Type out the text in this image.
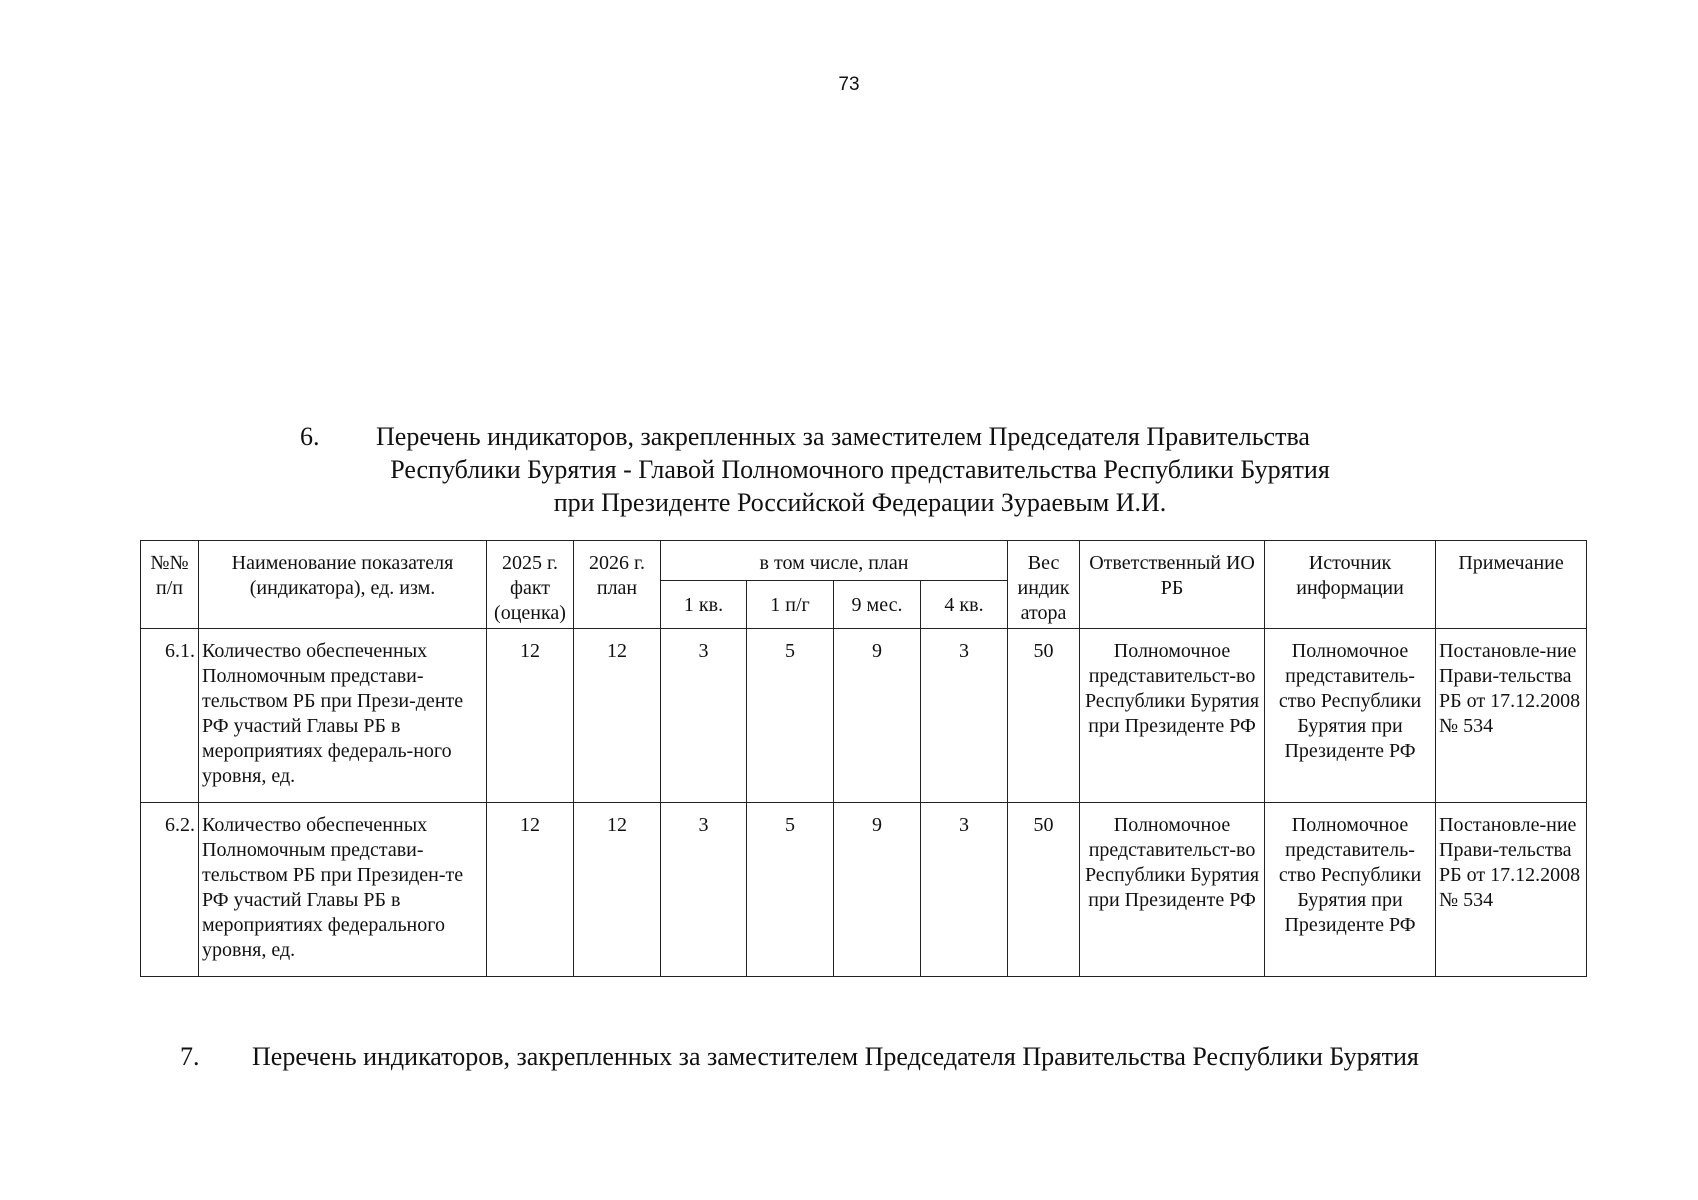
73
6. Перечень индикаторов, закрепленных за заместителем Председателя Правительства
Республики Бурятия - Главой Полномочного представительства Республики Бурятия
при Президенте Российской Федерации Зураевым И.И.
№№ п/п	Наименование показателя (индикатора), ед. изм.	2025 г. факт (оценка)	2026 г. план	в том числе, план				Вес индик атора	Ответственный ИО РБ	Источник информации	Примечание
				1 кв.	1 п/г	9 мес.	4 кв.				
6.1.	Количество обеспеченных Полномочным представи-тельством РБ при Прези-денте РФ участий Главы РБ в мероприятиях федераль-ного уровня, ед.	12	12	3	5	9	3	50	Полномочное представительст-во Республики Бурятия при Президенте РФ	Полномочное представитель-ство Республики Бурятия при Президенте РФ	Постановле-ние Прави-тельства РБ от 17.12.2008 № 534
6.2.	Количество обеспеченных Полномочным представи-тельством РБ при Президен-те РФ участий Главы РБ в мероприятиях федерального уровня, ед.	12	12	3	5	9	3	50	Полномочное представительст-во Республики Бурятия при Президенте РФ	Полномочное представитель-ство Республики Бурятия при Президенте РФ	Постановле-ние Прави-тельства РБ от 17.12.2008 № 534
7. Перечень индикаторов, закрепленных за заместителем Председателя Правительства Республики Бурятия
